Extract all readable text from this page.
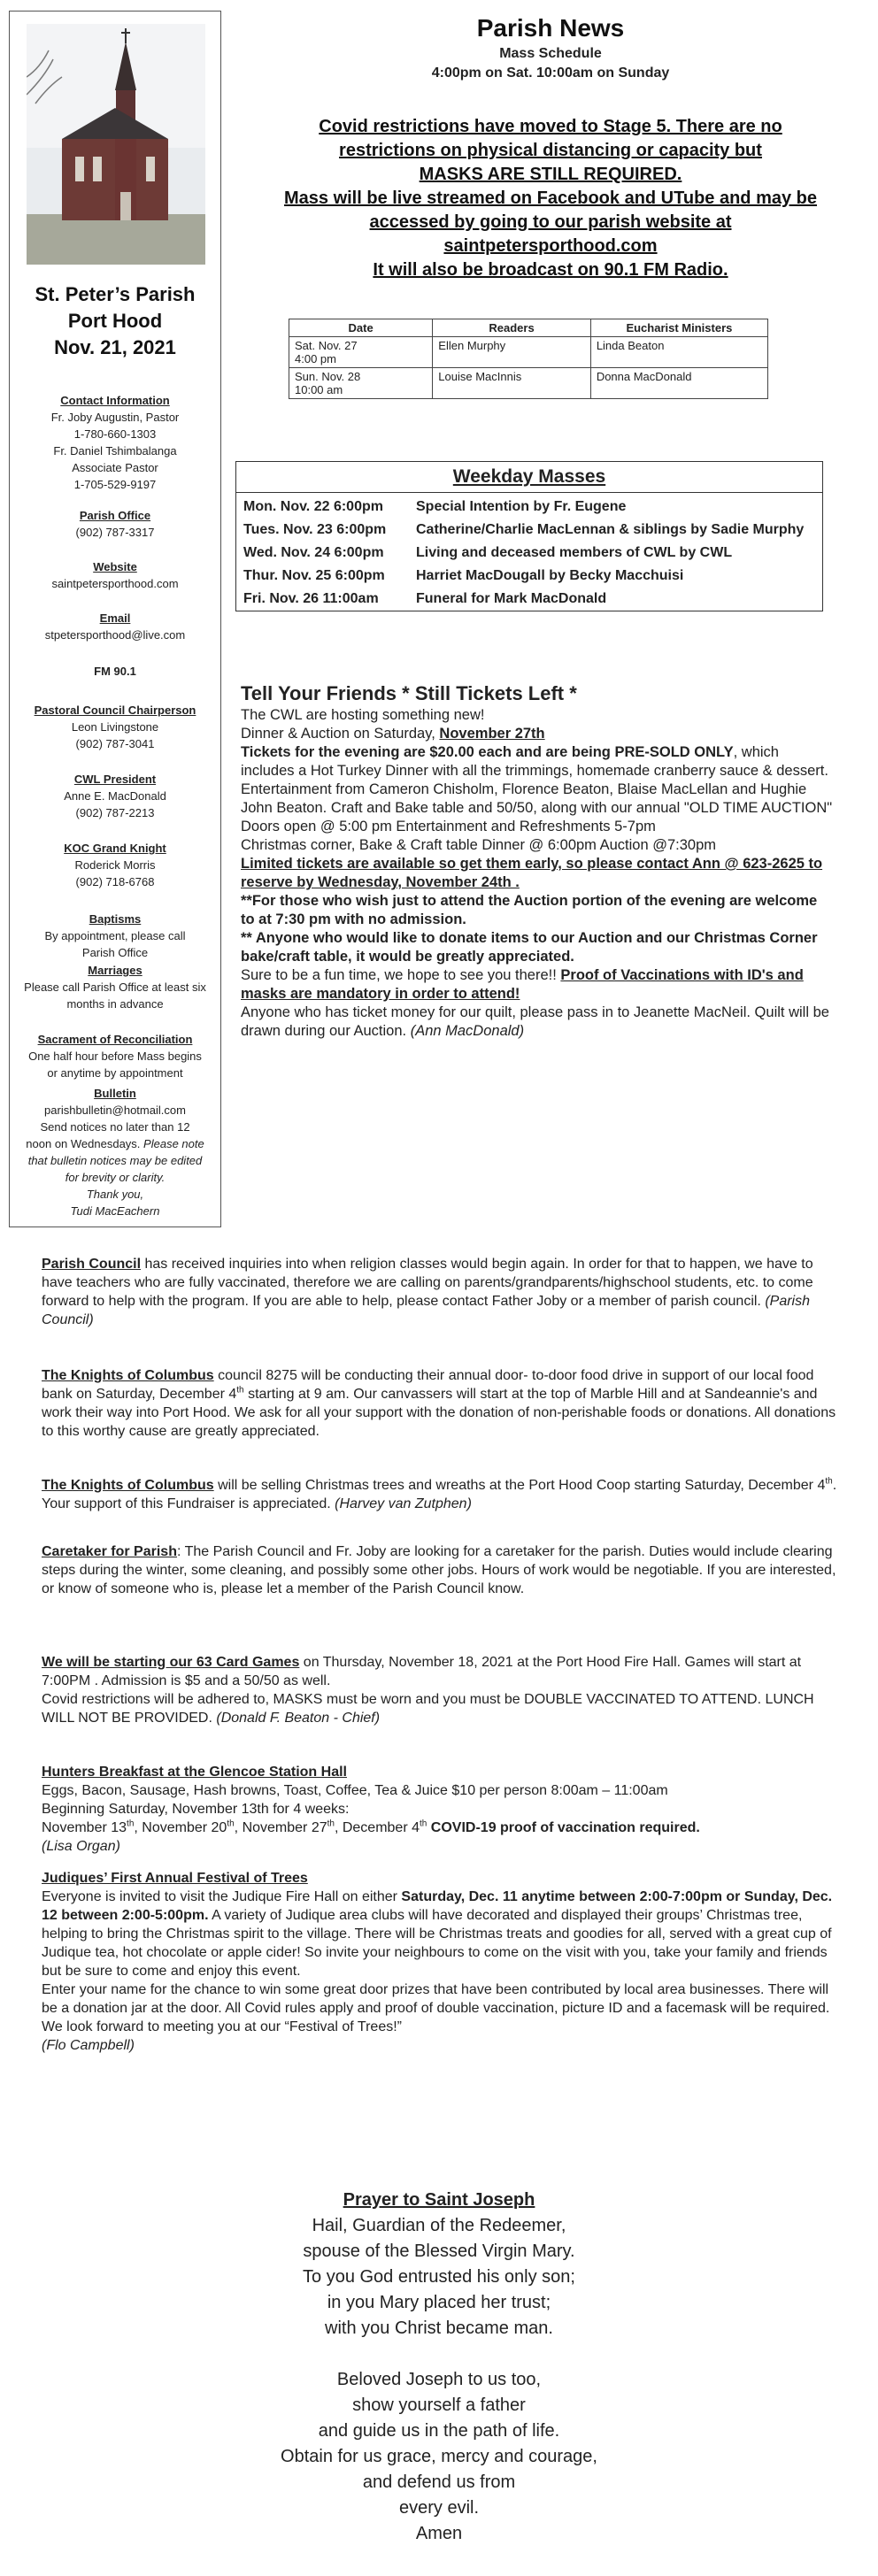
St. Peter’s Parish
Port Hood
Nov. 21, 2021
Contact Information
Fr. Joby Augustin, Pastor
1-780-660-1303
Fr. Daniel Tshimbalanga
Associate Pastor
1-705-529-9197
Parish Office
(902) 787-3317
Website
saintpetersporthood.com
Email
stpetersporthood@live.com
FM 90.1
Pastoral Council Chairperson
Leon Livingstone
(902) 787-3041
CWL President
Anne E. MacDonald
(902) 787-2213
KOC Grand Knight
Roderick Morris
(902) 718-6768
Baptisms
By appointment, please call
Parish Office
Marriages
Please call Parish Office at least six
months in advance
Sacrament of Reconciliation
One half hour before Mass begins
or anytime by appointment
Bulletin
parishbulletin@hotmail.com
Send notices no later than 12
noon on Wednesdays. Please note
that bulletin notices may be edited
for brevity or clarity.
Thank you,
Tudi MacEachern
Parish News
Mass Schedule
4:00pm on Sat. 10:00am on Sunday
Covid restrictions have moved to Stage 5. There are no
restrictions on physical distancing or capacity but
MASKS ARE STILL REQUIRED.
Mass will be live streamed on Facebook and UTube and may be
accessed by going to our parish website at
saintpetersporthood.com
It will also be broadcast on 90.1 FM Radio.
Date	Readers	Eucharist Ministers

Sat. Nov. 27
4:00 pm	Ellen Murphy	Linda Beaton

Sun. Nov. 28
10:00 am	Louise MacInnis	Donna MacDonald
Weekday Masses
Mon. Nov. 22 6:00pm Special Intention by Fr. Eugene
Tues. Nov. 23 6:00pm Catherine/Charlie MacLennan & siblings by Sadie Murphy
Wed. Nov. 24 6:00pm Living and deceased members of CWL by CWL
Thur. Nov. 25 6:00pm Harriet MacDougall by Becky Macchuisi
Fri. Nov. 26 11:00am	Funeral for Mark MacDonald
Tell Your Friends * Still Tickets Left *
The CWL are hosting something new!
Dinner & Auction on Saturday, November 27th
Tickets for the evening are $20.00 each and are being PRE-SOLD ONLY, which includes a Hot Turkey Dinner with all the trimmings, homemade cranberry sauce & dessert. Entertainment from Cameron Chisholm, Florence Beaton, Blaise MacLellan and Hughie John Beaton. Craft and Bake table and 50/50, along with our annual "OLD TIME AUCTION"
Doors open @ 5:00 pm Entertainment and Refreshments 5-7pm
Christmas corner, Bake & Craft table Dinner @ 6:00pm Auction @7:30pm
Limited tickets are available so get them early, so please contact Ann @ 623-2625 to reserve by Wednesday, November 24th .
**For those who wish just to attend the Auction portion of the evening are welcome to at 7:30 pm with no admission.
** Anyone who would like to donate items to our Auction and our Christmas Corner bake/craft table, it would be greatly appreciated.
Sure to be a fun time, we hope to see you there!! Proof of Vaccinations with ID's and masks are mandatory in order to attend!
Anyone who has ticket money for our quilt, please pass in to Jeanette MacNeil. Quilt will be drawn during our Auction. (Ann MacDonald)
Parish Council has received inquiries into when religion classes would begin again. In order for that to happen, we have to have teachers who are fully vaccinated, therefore we are calling on parents/grandparents/highschool students, etc. to come forward to help with the program. If you are able to help, please contact Father Joby or a member of parish council. (Parish Council)
The Knights of Columbus council 8275 will be conducting their annual door- to-door food drive in support of our local food bank on Saturday, December 4th starting at 9 am. Our canvassers will start at the top of Marble Hill and at Sandeannie's and work their way into Port Hood. We ask for all your support with the donation of non-perishable foods or donations. All donations to this worthy cause are greatly appreciated.
The Knights of Columbus will be selling Christmas trees and wreaths at the Port Hood Coop starting Saturday, December 4th. Your support of this Fundraiser is appreciated. (Harvey van Zutphen)
Caretaker for Parish: The Parish Council and Fr. Joby are looking for a caretaker for the parish. Duties would include clearing steps during the winter, some cleaning, and possibly some other jobs. Hours of work would be negotiable. If you are interested, or know of someone who is, please let a member of the Parish Council know.
We will be starting our 63 Card Games on Thursday, November 18, 2021 at the Port Hood Fire Hall. Games will start at 7:00PM . Admission is $5 and a 50/50 as well.
Covid restrictions will be adhered to, MASKS must be worn and you must be DOUBLE VACCINATED TO ATTEND. LUNCH WILL NOT BE PROVIDED. (Donald F. Beaton - Chief)
Hunters Breakfast at the Glencoe Station Hall
Eggs, Bacon, Sausage, Hash browns, Toast, Coffee, Tea & Juice $10 per person 8:00am – 11:00am
Beginning Saturday, November 13th for 4 weeks:
November 13th, November 20th, November 27th, December 4th COVID-19 proof of vaccination required.
(Lisa Organ)
Judiques’ First Annual Festival of Trees
Everyone is invited to visit the Judique Fire Hall on either Saturday, Dec. 11 anytime between 2:00-7:00pm or Sunday, Dec. 12 between 2:00-5:00pm. A variety of Judique area clubs will have decorated and displayed their groups’ Christmas tree, helping to bring the Christmas spirit to the village. There will be Christmas treats and goodies for all, served with a great cup of Judique tea, hot chocolate or apple cider! So invite your neighbours to come on the visit with you, take your family and friends but be sure to come and enjoy this event.
Enter your name for the chance to win some great door prizes that have been contributed by local area businesses. There will be a donation jar at the door. All Covid rules apply and proof of double vaccination, picture ID and a facemask will be required. We look forward to meeting you at our “Festival of Trees!”
(Flo Campbell)
Prayer to Saint Joseph
Hail, Guardian of the Redeemer,
spouse of the Blessed Virgin Mary.
To you God entrusted his only son;
in you Mary placed her trust;
with you Christ became man.
Beloved Joseph to us too,
show yourself a father
and guide us in the path of life.
Obtain for us grace, mercy and courage,
and defend us from
every evil.
Amen
